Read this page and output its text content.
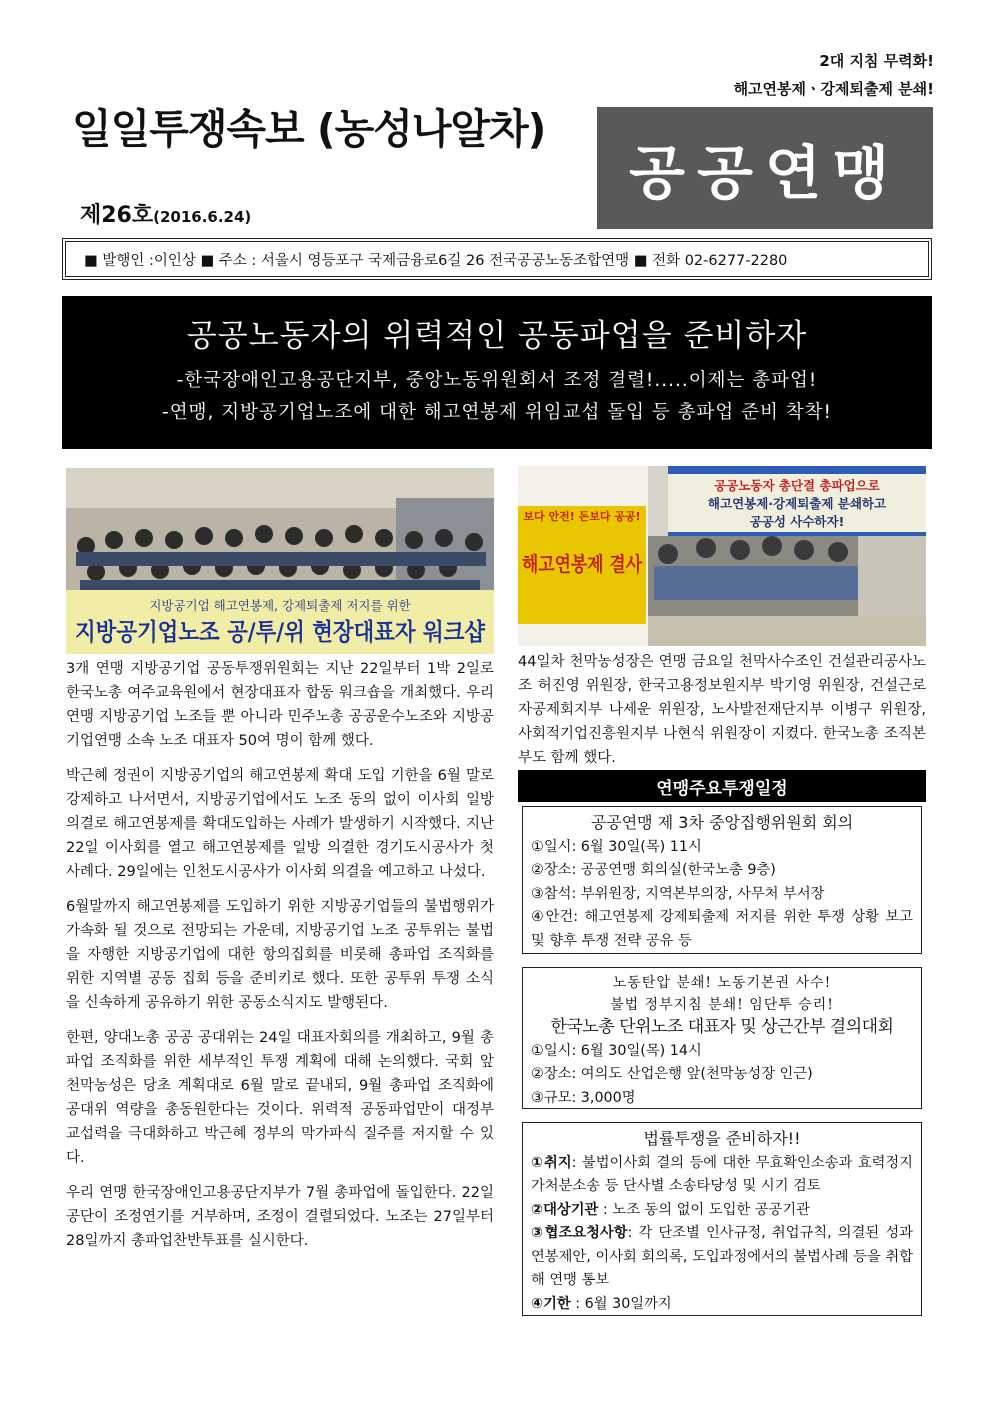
2대 지침 무력화!
해고연봉제ㆍ강제퇴출제 분쇄!
일일투쟁속보 (농성나알차)
제26호(2016.6.24)
공공연맹
■ 발행인 :이인상 ■ 주소 : 서울시 영등포구 국제금융로6길 26 전국공공노동조합연맹 ■ 전화 02-6277-2280
공공노동자의 위력적인 공동파업을 준비하자
-한국장애인고용공단지부, 중앙노동위원회서 조정 결렬!.....이제는 총파업!
-연맹, 지방공기업노조에 대한 해고연봉제 위임교섭 돌입 등 총파업 준비 착착!
지방공기업 해고연봉제, 강제퇴출제 저지를 위한
지방공기업노조 공/투/위 현장대표자 워크샵
보다 안전! 돈보다 공공!
해고연봉제 결사
공공노동자 총단결 총파업으로
해고연봉제·강제퇴출제 분쇄하고
공공성 사수하자!

3개 연맹 지방공기업 공동투쟁위원회는 지난 22일부터 1박 2일로 한국노총 여주교육원에서 현장대표자 합동 워크숍을 개최했다. 우리 연맹 지방공기업 노조들 뿐 아니라 민주노총 공공운수노조와 지방공기업연맹 소속 노조 대표자 50여 명이 함께 했다.

박근혜 정권이 지방공기업의 해고연봉제 확대 도입 기한을 6월 말로 강제하고 나서면서, 지방공기업에서도 노조 동의 없이 이사회 일방의결로 해고연봉제를 확대도입하는 사례가 발생하기 시작했다. 지난 22일 이사회를 열고 해고연봉제를 일방 의결한 경기도시공사가 첫 사례다. 29일에는 인천도시공사가 이사회 의결을 예고하고 나섰다.

6월말까지 해고연봉제를 도입하기 위한 지방공기업들의 불법행위가 가속화 될 것으로 전망되는 가운데, 지방공기업 노조 공투위는 불법을 자행한 지방공기업에 대한 항의집회를 비롯해 총파업 조직화를 위한 지역별 공동 집회 등을 준비키로 했다. 또한 공투위 투쟁 소식을 신속하게 공유하기 위한 공동소식지도 발행된다.

한편, 양대노총 공공 공대위는 24일 대표자회의를 개최하고, 9월 총파업 조직화를 위한 세부적인 투쟁 계획에 대해 논의했다. 국회 앞 천막농성은 당초 계획대로 6월 말로 끝내되, 9월 총파업 조직화에 공대위 역량을 총동원한다는 것이다. 위력적 공동파업만이 대정부 교섭력을 극대화하고 박근혜 정부의 막가파식 질주를 저지할 수 있다.

우리 연맹 한국장애인고용공단지부가 7월 총파업에 돌입한다. 22일 공단이 조정연기를 거부하며, 조정이 결렬되었다. 노조는 27일부터 28일까지 총파업찬반투표를 실시한다.

44일차 천막농성장은 연맹 금요일 천막사수조인 건설관리공사노조 허진영 위원장, 한국고용정보원지부 박기영 위원장, 건설근로자공제회지부 나세운 위원장, 노사발전재단지부 이병구 위원장, 사회적기업진흥원지부 나현식 위원장이 지켰다. 한국노총 조직본부도 함께 했다.
연맹주요투쟁일정
공공연맹 제 3차 중앙집행위원회 회의
①일시: 6월 30일(목) 11시
②장소: 공공연맹 회의실(한국노총 9층)
③참석: 부위원장, 지역본부의장, 사무처 부서장
④안건: 해고연봉제 강제퇴출제 저지를 위한 투쟁 상황 보고 및 향후 투쟁 전략 공유 등
노동탄압 분쇄! 노동기본권 사수!
불법 정부지침 분쇄! 임단투 승리!
한국노총 단위노조 대표자 및 상근간부 결의대회
①일시: 6월 30일(목) 14시
②장소: 여의도 산업은행 앞(천막농성장 인근)
③규모: 3,000명
법률투쟁을 준비하자!!
①취지: 불법이사회 결의 등에 대한 무효확인소송과 효력정지가처분소송 등 단사별 소송타당성 및 시기 검토
②대상기관 : 노조 동의 없이 도입한 공공기관
③협조요청사항: 각 단조별 인사규정, 취업규칙, 의결된 성과연봉제안, 이사회 회의록, 도입과정에서의 불법사례 등을 취합해 연맹 통보
④기한 : 6월 30일까지
